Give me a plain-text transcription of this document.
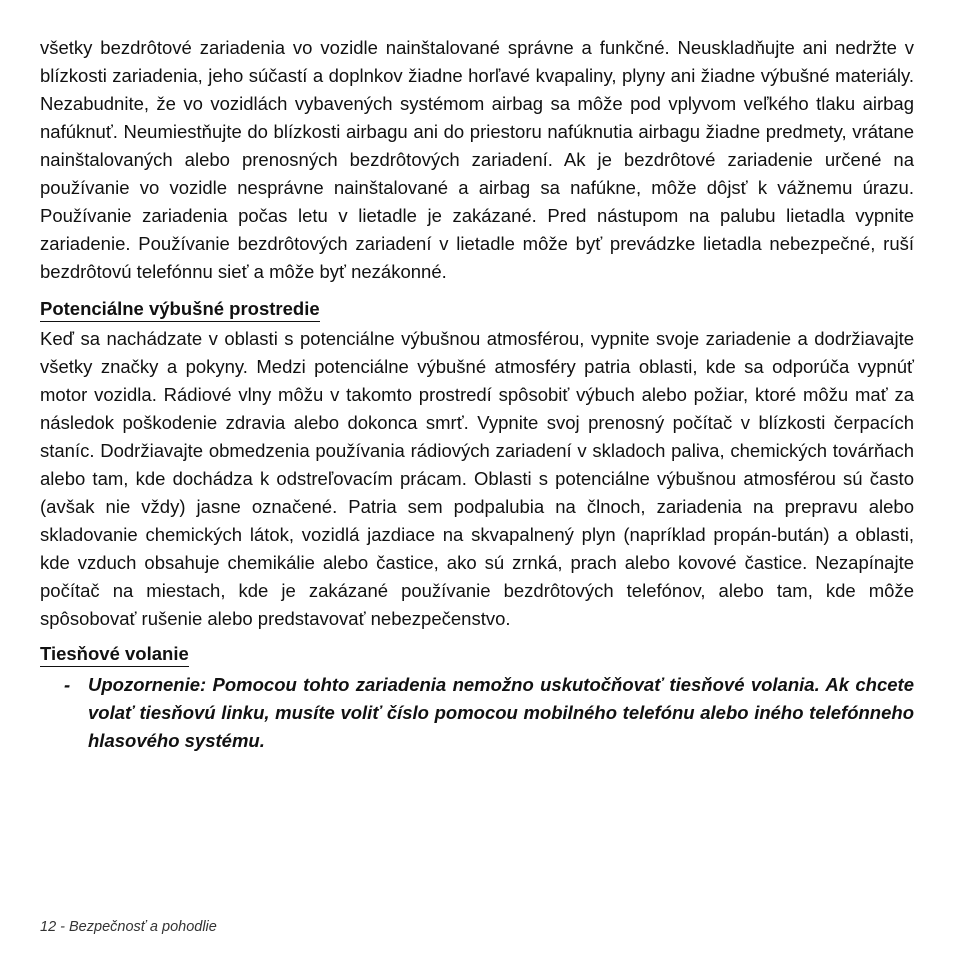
všetky bezdrôtové zariadenia vo vozidle nainštalované správne a funkčné. Neuskladňujte ani nedržte v blízkosti zariadenia, jeho súčastí a doplnkov žiadne horľavé kvapaliny, plyny ani žiadne výbušné materiály. Nezabudnite, že vo vozidlách vybavených systémom airbag sa môže pod vplyvom veľkého tlaku airbag nafúknuť. Neumiestňujte do blízkosti airbagu ani do priestoru nafúknutia airbagu žiadne predmety, vrátane nainštalovaných alebo prenosných bezdrôtových zariadení. Ak je bezdrôtové zariadenie určené na používanie vo vozidle nesprávne nainštalované a airbag sa nafúkne, môže dôjsť k vážnemu úrazu. Používanie zariadenia počas letu v lietadle je zakázané. Pred nástupom na palubu lietadla vypnite zariadenie. Používanie bezdrôtových zariadení v lietadle môže byť prevádzke lietadla nebezpečné, ruší bezdrôtovú telefónnu sieť a môže byť nezákonné.

Potenciálne výbušné prostredie

Keď sa nachádzate v oblasti s potenciálne výbušnou atmosférou, vypnite svoje zariadenie a dodržiavajte všetky značky a pokyny. Medzi potenciálne výbušné atmosféry patria oblasti, kde sa odporúča vypnúť motor vozidla. Rádiové vlny môžu v takomto prostredí spôsobiť výbuch alebo požiar, ktoré môžu mať za následok poškodenie zdravia alebo dokonca smrť. Vypnite svoj prenosný počítač v blízkosti čerpacích staníc. Dodržiavajte obmedzenia používania rádiových zariadení v skladoch paliva, chemických továrňach alebo tam, kde dochádza k odstreľovacím prácam. Oblasti s potenciálne výbušnou atmosférou sú často (avšak nie vždy) jasne označené. Patria sem podpalubia na člnoch, zariadenia na prepravu alebo skladovanie chemických látok, vozidlá jazdiace na skvapalnený plyn (napríklad propán-bután) a oblasti, kde vzduch obsahuje chemikálie alebo častice, ako sú zrnká, prach alebo kovové častice. Nezapínajte počítač na miestach, kde je zakázané používanie bezdrôtových telefónov, alebo tam, kde môže spôsobovať rušenie alebo predstavovať nebezpečenstvo.

Tiesňové volanie
- Upozornenie: Pomocou tohto zariadenia nemožno uskutočňovať tiesňové volania. Ak chcete volať tiesňovú linku, musíte voliť číslo pomocou mobilného telefónu alebo iného telefónneho hlasového systému.

12 - Bezpečnosť a pohodlie
